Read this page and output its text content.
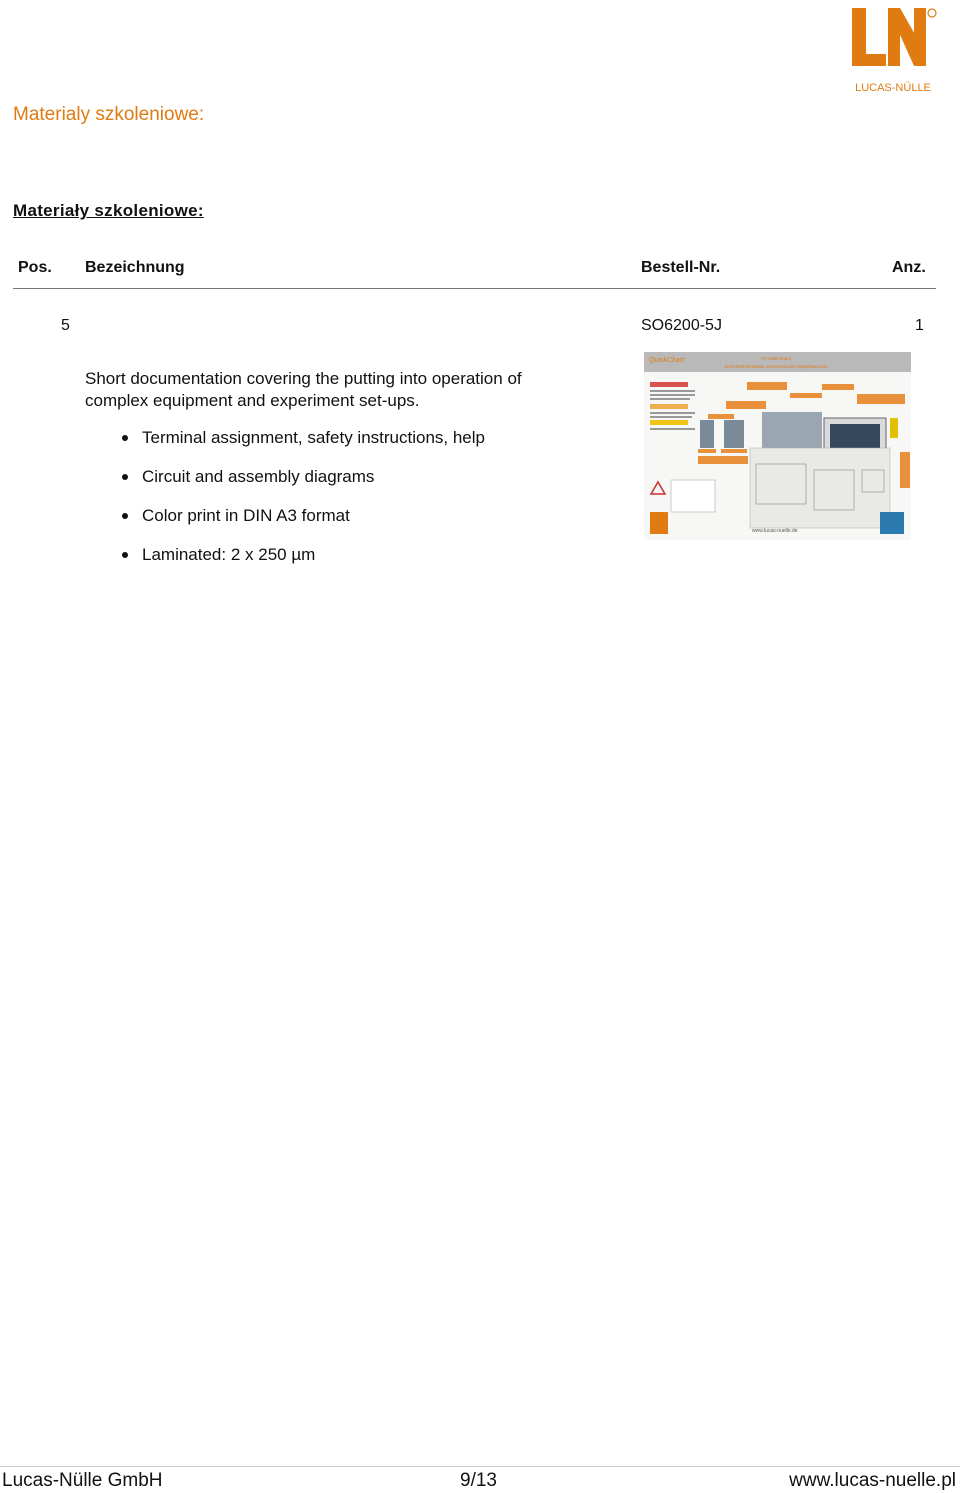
LUCAS-NÜLLE
Materialy szkoleniowe:
Materiały szkoleniowe:
Pos. Bezeichnung	Bestell-Nr.	Anz.
5	SO6200-5J	1
Short documentation covering the putting into operation of complex equipment and experiment set-ups.
Terminal assignment, safety instructions, help
Circuit and assembly diagrams
Color print in DIN A3 format
Laminated: 2 x 250 µm
QuickChart	S7-1200 Board
Sicherheitshinweise und technische Spezifikationen
www.lucas-nuelle.de
Lucas-Nülle GmbH	9/13	www.lucas-nuelle.pl
